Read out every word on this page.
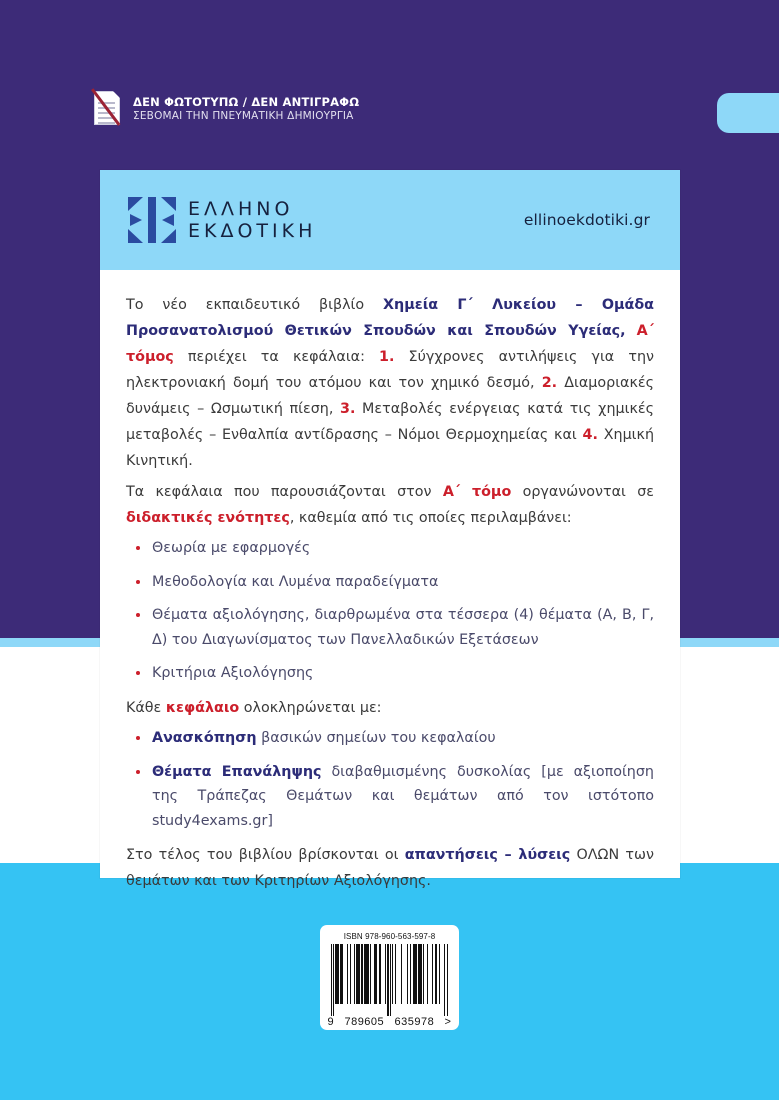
ΔΕΝ ΦΩΤΟΤΥΠΩ / ΔΕΝ ΑΝΤΙΓΡΑΦΩ
ΣΕΒΟΜΑΙ ΤΗΝ ΠΝΕΥΜΑΤΙΚΗ ΔΗΜΙΟΥΡΓΙΑ
ΕΛΛΗΝΟ
ΕΚΔΟΤΙΚΗ	ellinoekdotiki.gr

Το νέο εκπαιδευτικό βιβλίο Χημεία Γ΄ Λυκείου – Ομάδα Προσανατολισμού Θετικών Σπουδών και Σπουδών Υγείας, Α΄ τόμος περιέχει τα κεφάλαια: 1. Σύγχρονες αντιλήψεις για την ηλεκτρονιακή δομή του ατόμου και τον χημικό δεσμό, 2. Διαμοριακές δυνάμεις – Ωσμωτική πίεση, 3. Μεταβολές ενέργειας κατά τις χημικές μεταβολές – Ενθαλπία αντίδρασης – Νόμοι Θερμοχημείας και 4. Χημική Κινητική.

Τα κεφάλαια που παρουσιάζονται στον Α΄ τόμο οργανώνονται σε διδακτικές ενότητες, καθεμία από τις οποίες περιλαμβάνει:

Θεωρία με εφαρμογές
Μεθοδολογία και Λυμένα παραδείγματα
Θέματα αξιολόγησης, διαρθρωμένα στα τέσσερα (4) θέματα (Α, Β, Γ, Δ) του Διαγωνίσματος των Πανελλαδικών Εξετάσεων
Κριτήρια Αξιολόγησης

Κάθε κεφάλαιο ολοκληρώνεται με:

Ανασκόπηση βασικών σημείων του κεφαλαίου
Θέματα Επανάληψης διαβαθμισμένης δυσκολίας [με αξιοποίηση της Τράπεζας Θεμάτων και θεμάτων από τον ιστότοπο study4exams.gr]

Στο τέλος του βιβλίου βρίσκονται οι απαντήσεις – λύσεις ΟΛΩΝ των θεμάτων και των Κριτηρίων Αξιολόγησης.

ISBN 978-960-563-597-8
9 789605 635978 >
